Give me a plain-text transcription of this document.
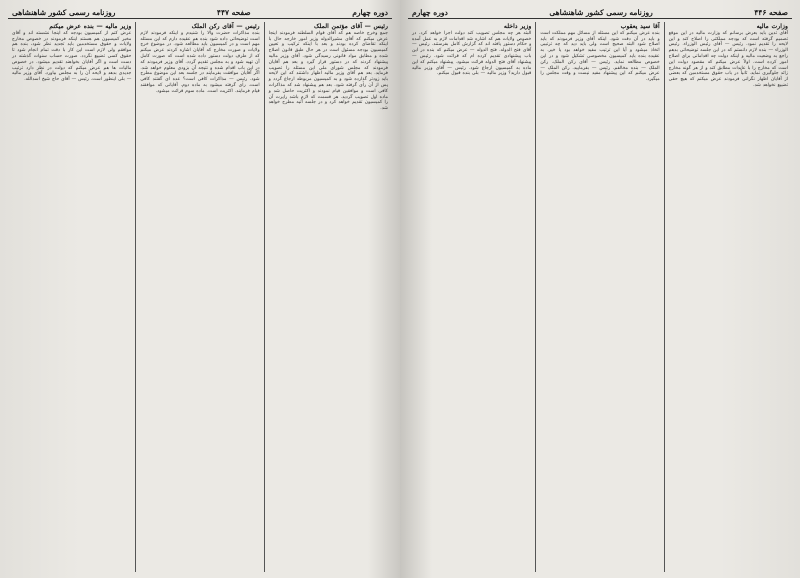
دوره چهارم
صفحه ۴۴۷
روزنامه رسمی کشور شاهنشاهی
رئیس — آقای مؤتمن الملک
جمع وخرج خاصه هم که آقای قوام السلطنه فرمودند اینجا عرض میکنم که آقای مشیرالدوله وزیر امور خارجه حال با اینکه تقاضای کرده بودند و بعد با اینکه ترکیب و تعیین کمیسیون بودجه مسئول است در هر حال طبق قانون اصلاح شده و مطابق مواد قانونی رسیدگی شود. آقای وزیر مالیه پیشنهاد کردند که در دستور قرار گیرد و بعد هم آقایان فرمودند که مجلس شورای ملی این مسئله را تصویب فرماید. بعد هم آقای وزیر مالیه اظهار داشتند که این لایحه باید زودتر گذارده شود و به کمیسیون مربوطه ارجاع گردد و پس از آن رأی گرفته شود. بعد هم پیشنهاد شد که مذاکرات کافی است و موافقین قیام نمودند و اکثریت حاصل شد و ماده اول تصویب گردید. هر قسمت که لازم باشد راپرت آن را کمیسیون تقدیم خواهد کرد و در جلسه آتیه مطرح خواهد شد.
رئیس — آقای رکن الملک
بنده مذاکرات حضرت والا را شنیدم و اینکه فرمودند لازم است توضیحاتی داده شود بنده هم عقیده دارم که این مسئله مهم است و در کمیسیون باید مطالعه شود. در موضوع خرج ولایات و صورت مخارج که آقایان اشاره کردند عرض میکنم که از طرف دولت دستور داده شده است که صورت کامل آن تهیه شود و به مجلس تقدیم گردد. آقای وزیر فرمودند که در این باب اقدام شده و نتیجه آن بزودی معلوم خواهد شد. اگر آقایان موافقت بفرمایند در جلسه بعد این موضوع مطرح شود. رئیس — مذاکرات کافی است؟ عده ای گفتند کافی است. رأی گرفته میشود به ماده دوم. آقایانی که موافقند قیام فرمایند. اکثریت است. ماده سوم قرائت میشود.
وزیر مالیه — بنده عرض میکنم
عرض کنم از کمیسیون بودجه که اینجا نشسته اند و آقای مخبر کمیسیون هم هستند اینکه فرمودند در خصوص مخارج ولایات و حقوق مستخدمین باید تجدید نظر شود، بنده هم موافقم ولی لازم است این کار با دقت تمام انجام شود تا حقوق کسی تضییع نگردد. صورت حساب سنوات گذشته در دست است و اگر آقایان بخواهند تقدیم میشود. در خصوص مالیات ها هم عرض میکنم که دولت در نظر دارد ترتیب جدیدی بدهد و لایحه آن را به مجلس بیاورد. آقای وزیر مالیه — بلی اینطور است. رئیس — آقای حاج شیخ اسدالله.
صفحه ۴۴۶
روزنامه رسمی کشور شاهنشاهی
دوره چهارم
وزارت مالیه
آقای تدین باید بعرض برسانم که وزارت مالیه در این موقع تصمیم گرفته است که بودجه مملکتی را اصلاح کند و این لایحه را تقدیم نمود. رئیس — آقای رئیس الوزراء. رئیس الوزراء — بنده لازم دانستم که در این جلسه توضیحاتی بدهم راجع به وضعیت مالیه و اینکه دولت چه اقداماتی برای اصلاح امور کرده است. اولاً عرض میکنم که مقصود دولت این است که مخارج را با عایدات مطابق کند و از هر گونه مخارج زائد جلوگیری نماید. ثانیاً در باب حقوق مستخدمین که بعضی از آقایان اظهار نگرانی فرمودند عرض میکنم که هیچ حقی تضییع نخواهد شد.
آقا سید یعقوب
بنده عرض میکنم که این مسئله از مسائل مهم مملکت است و باید در آن دقت شود. اینکه آقای وزیر فرمودند که باید اصلاح شود البته صحیح است ولی باید دید که چه ترتیبی اتخاذ میشود و آیا این ترتیب مفید خواهد بود یا خیر. به عقیده بنده باید کمیسیون مخصوصی تشکیل شود و در این خصوص مطالعه نماید. رئیس — آقای رکن الملک. رکن الملک — بنده مخالفم. رئیس — بفرمایید. رکن الملک — عرض میکنم که این پیشنهاد مفید نیست و وقت مجلس را میگیرد.
وزیر داخله
البته هر چه مجلس تصویب کند دولت اجرا خواهد کرد. در خصوص ولایات هم که اشاره شد اقدامات لازم به عمل آمده و حکام دستور یافته اند که گزارش کامل بفرستند. رئیس — آقای فتح الدوله. فتح الدوله — عرض میکنم که بنده در این باب پیشنهادی تقدیم کرده ام که قرائت شود. رئیس — پیشنهاد آقای فتح الدوله قرائت میشود. پیشنهاد میکنم که این ماده به کمیسیون ارجاع شود. رئیس — آقای وزیر مالیه قبول دارید؟ وزیر مالیه — بلی بنده قبول میکنم.
